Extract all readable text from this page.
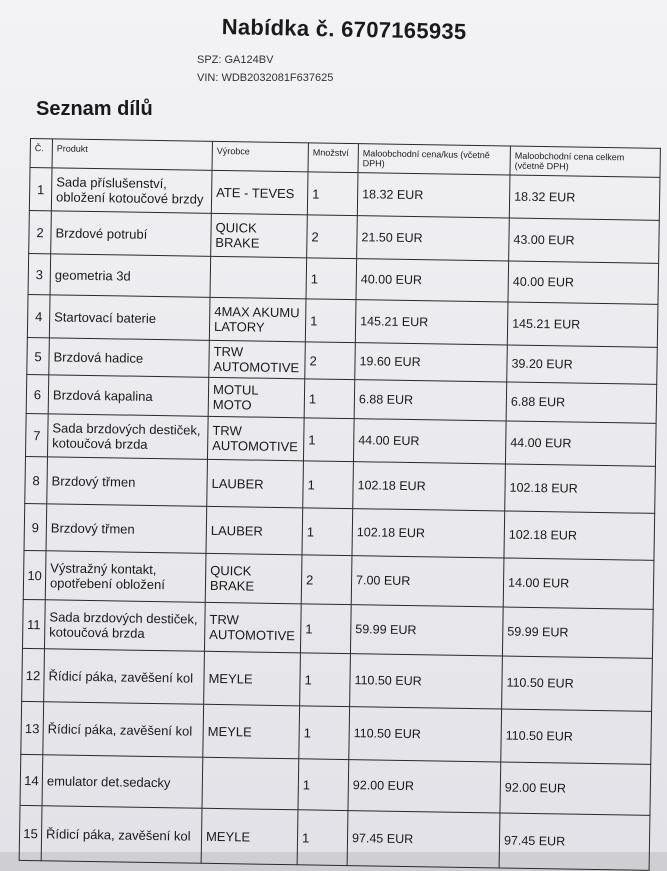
Nabídka č. 6707165935
SPZ: GA124BV
VIN: WDB2032081F637625
Seznam dílů
Č.	Produkt	Výrobce	Množství	Maloobchodní cena/kus (včetně DPH)	Maloobchodní cena celkem (včetně DPH)
1	Sada příslušenství, obložení kotoučové brzdy	ATE - TEVES	1	18.32 EUR	18.32 EUR
2	Brzdové potrubí	QUICK BRAKE	2	21.50 EUR	43.00 EUR
3	geometria 3d		1	40.00 EUR	40.00 EUR
4	Startovací baterie	4MAX AKUMU LATORY	1	145.21 EUR	145.21 EUR
5	Brzdová hadice	TRW AUTOMOTIVE	2	19.60 EUR	39.20 EUR
6	Brzdová kapalina	MOTUL MOTO	1	6.88 EUR	6.88 EUR
7	Sada brzdových destiček, kotoučová brzda	TRW AUTOMOTIVE	1	44.00 EUR	44.00 EUR
8	Brzdový třmen	LAUBER	1	102.18 EUR	102.18 EUR
9	Brzdový třmen	LAUBER	1	102.18 EUR	102.18 EUR
10	Výstražný kontakt, opotřebení obložení	QUICK BRAKE	2	7.00 EUR	14.00 EUR
11	Sada brzdových destiček, kotoučová brzda	TRW AUTOMOTIVE	1	59.99 EUR	59.99 EUR
12	Řídicí páka, zavěšení kol	MEYLE	1	110.50 EUR	110.50 EUR
13	Řídicí páka, zavěšení kol	MEYLE	1	110.50 EUR	110.50 EUR
14	emulator det.sedacky		1	92.00 EUR	92.00 EUR
15	Řídicí páka, zavěšení kol	MEYLE	1	97.45 EUR	97.45 EUR
